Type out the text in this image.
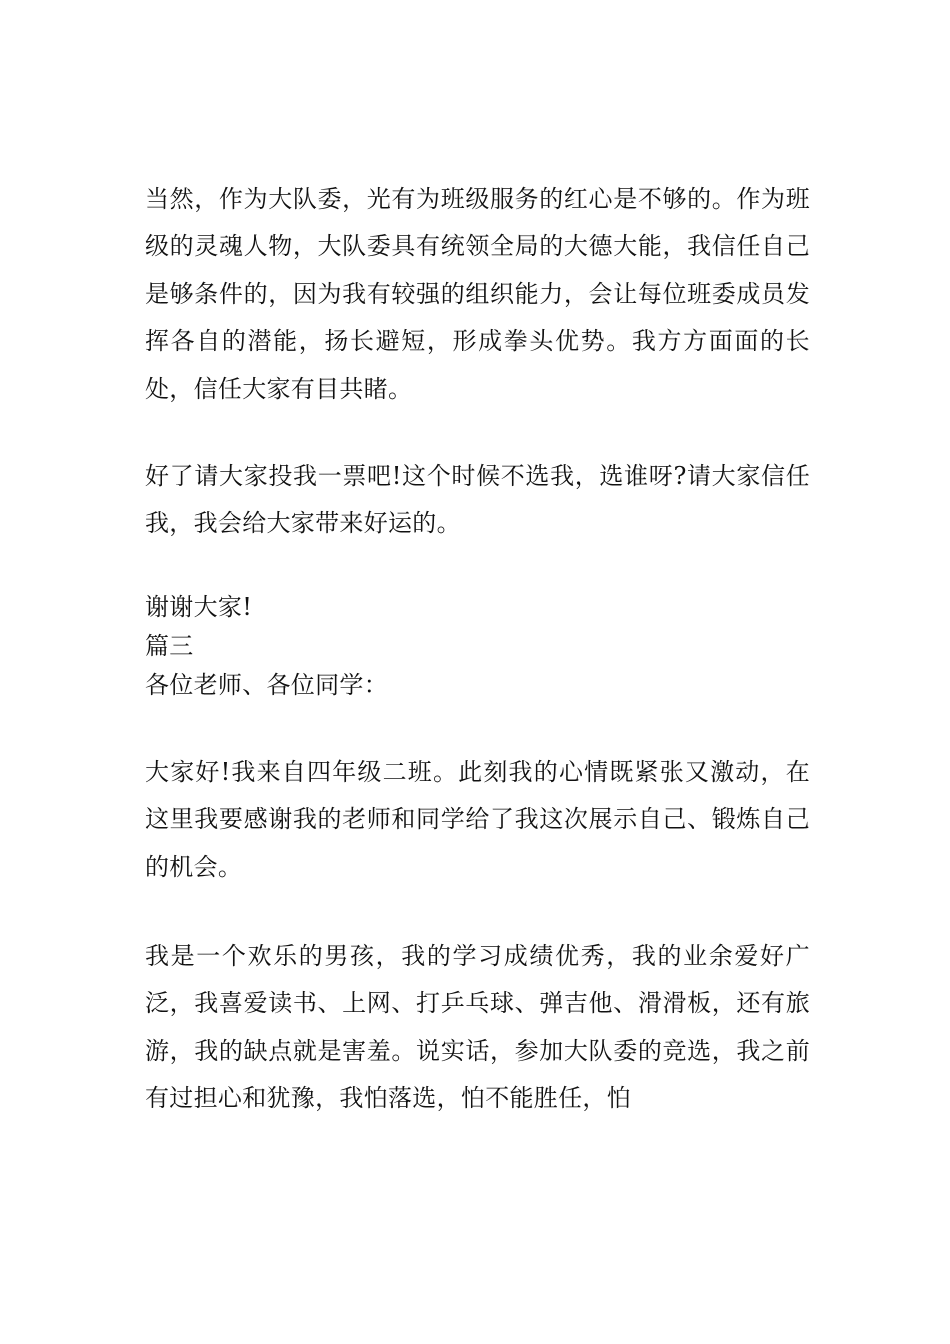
当然，作为大队委，光有为班级服务的红心是不够的。作为班级的灵魂人物，大队委具有统领全局的大德大能，我信任自己是够条件的，因为我有较强的组织能力，会让每位班委成员发挥各自的潜能，扬长避短，形成拳头优势。我方方面面的长处，信任大家有目共睹。

好了请大家投我一票吧!这个时候不选我，选谁呀?请大家信任我，我会给大家带来好运的。

谢谢大家!

篇三

各位老师、各位同学：

大家好!我来自四年级二班。此刻我的心情既紧张又激动，在这里我要感谢我的老师和同学给了我这次展示自己、锻炼自己的机会。

我是一个欢乐的男孩，我的学习成绩优秀，我的业余爱好广泛，我喜爱读书、上网、打乒乓球、弹吉他、滑滑板，还有旅游，我的缺点就是害羞。说实话，参加大队委的竞选，我之前有过担心和犹豫，我怕落选，怕不能胜任，怕
